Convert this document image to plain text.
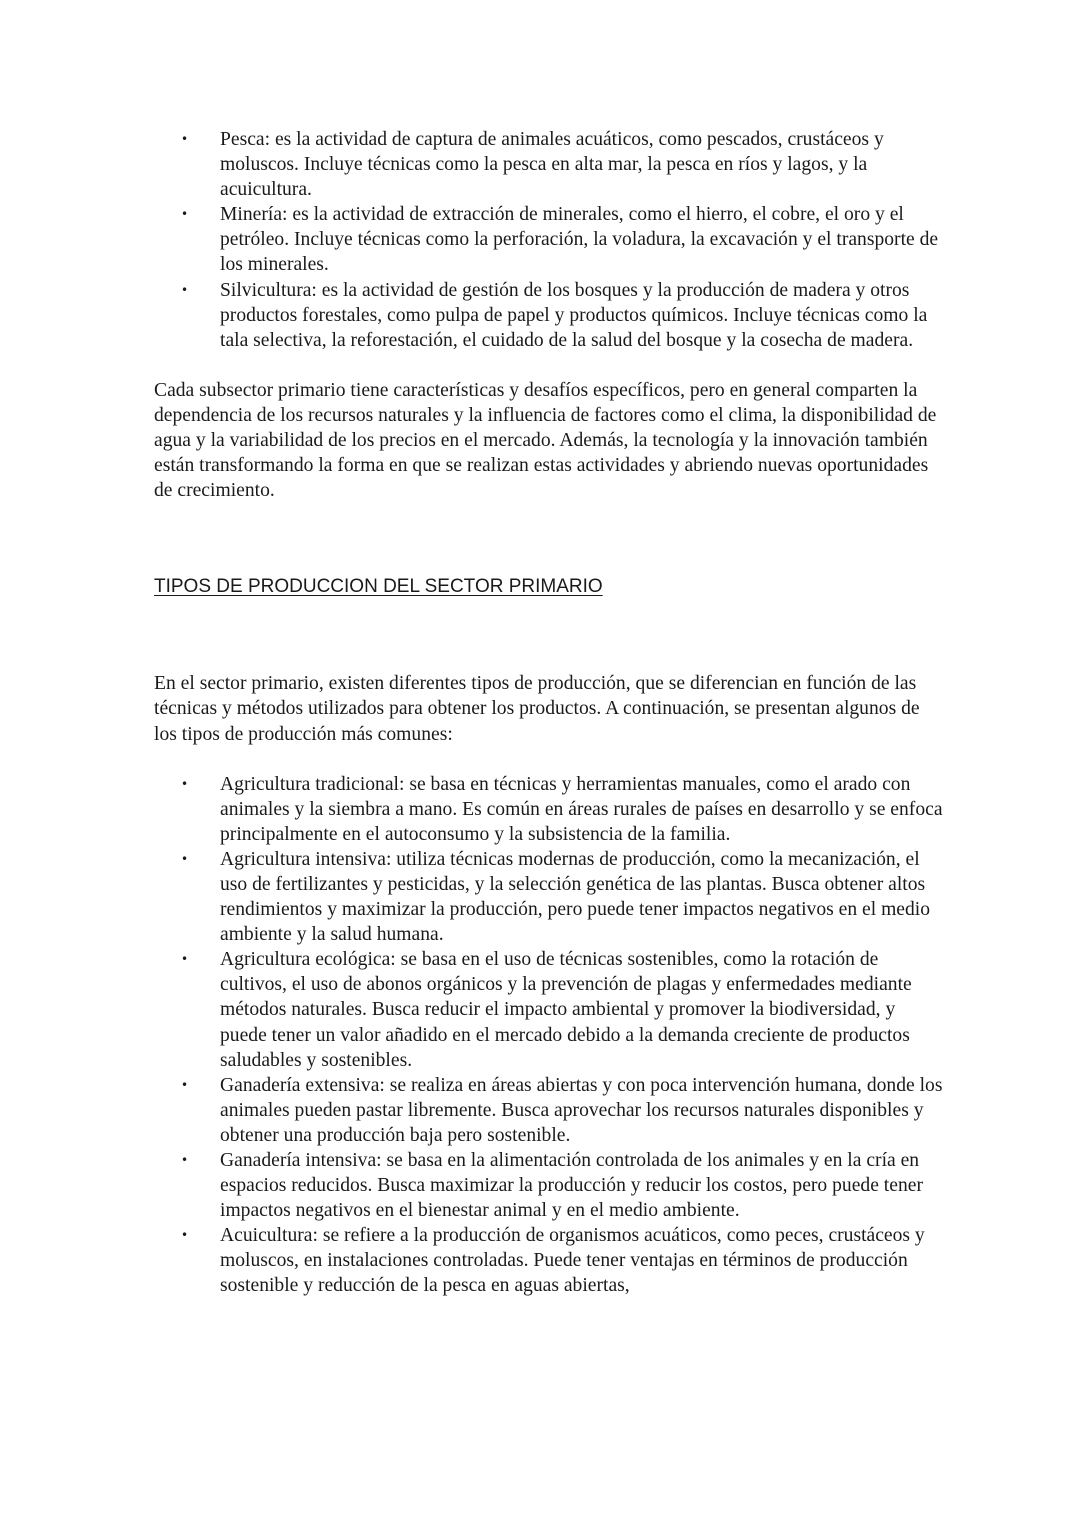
• Pesca: es la actividad de captura de animales acuáticos, como pescados, crustáceos y moluscos. Incluye técnicas como la pesca en alta mar, la pesca en ríos y lagos, y la acuicultura.
• Minería: es la actividad de extracción de minerales, como el hierro, el cobre, el oro y el petróleo. Incluye técnicas como la perforación, la voladura, la excavación y el transporte de los minerales.
• Silvicultura: es la actividad de gestión de los bosques y la producción de madera y otros productos forestales, como pulpa de papel y productos químicos. Incluye técnicas como la tala selectiva, la reforestación, el cuidado de la salud del bosque y la cosecha de madera.

Cada subsector primario tiene características y desafíos específicos, pero en general comparten la dependencia de los recursos naturales y la influencia de factores como el clima, la disponibilidad de agua y la variabilidad de los precios en el mercado. Además, la tecnología y la innovación también están transformando la forma en que se realizan estas actividades y abriendo nuevas oportunidades de crecimiento.

TIPOS DE PRODUCCION DEL SECTOR PRIMARIO

En el sector primario, existen diferentes tipos de producción, que se diferencian en función de las técnicas y métodos utilizados para obtener los productos. A continuación, se presentan algunos de los tipos de producción más comunes:

• Agricultura tradicional: se basa en técnicas y herramientas manuales, como el arado con animales y la siembra a mano. Es común en áreas rurales de países en desarrollo y se enfoca principalmente en el autoconsumo y la subsistencia de la familia.
• Agricultura intensiva: utiliza técnicas modernas de producción, como la mecanización, el uso de fertilizantes y pesticidas, y la selección genética de las plantas. Busca obtener altos rendimientos y maximizar la producción, pero puede tener impactos negativos en el medio ambiente y la salud humana.
• Agricultura ecológica: se basa en el uso de técnicas sostenibles, como la rotación de cultivos, el uso de abonos orgánicos y la prevención de plagas y enfermedades mediante métodos naturales. Busca reducir el impacto ambiental y promover la biodiversidad, y puede tener un valor añadido en el mercado debido a la demanda creciente de productos saludables y sostenibles.
• Ganadería extensiva: se realiza en áreas abiertas y con poca intervención humana, donde los animales pueden pastar libremente. Busca aprovechar los recursos naturales disponibles y obtener una producción baja pero sostenible.
• Ganadería intensiva: se basa en la alimentación controlada de los animales y en la cría en espacios reducidos. Busca maximizar la producción y reducir los costos, pero puede tener impactos negativos en el bienestar animal y en el medio ambiente.
• Acuicultura: se refiere a la producción de organismos acuáticos, como peces, crustáceos y moluscos, en instalaciones controladas. Puede tener ventajas en términos de producción sostenible y reducción de la pesca en aguas abiertas,
